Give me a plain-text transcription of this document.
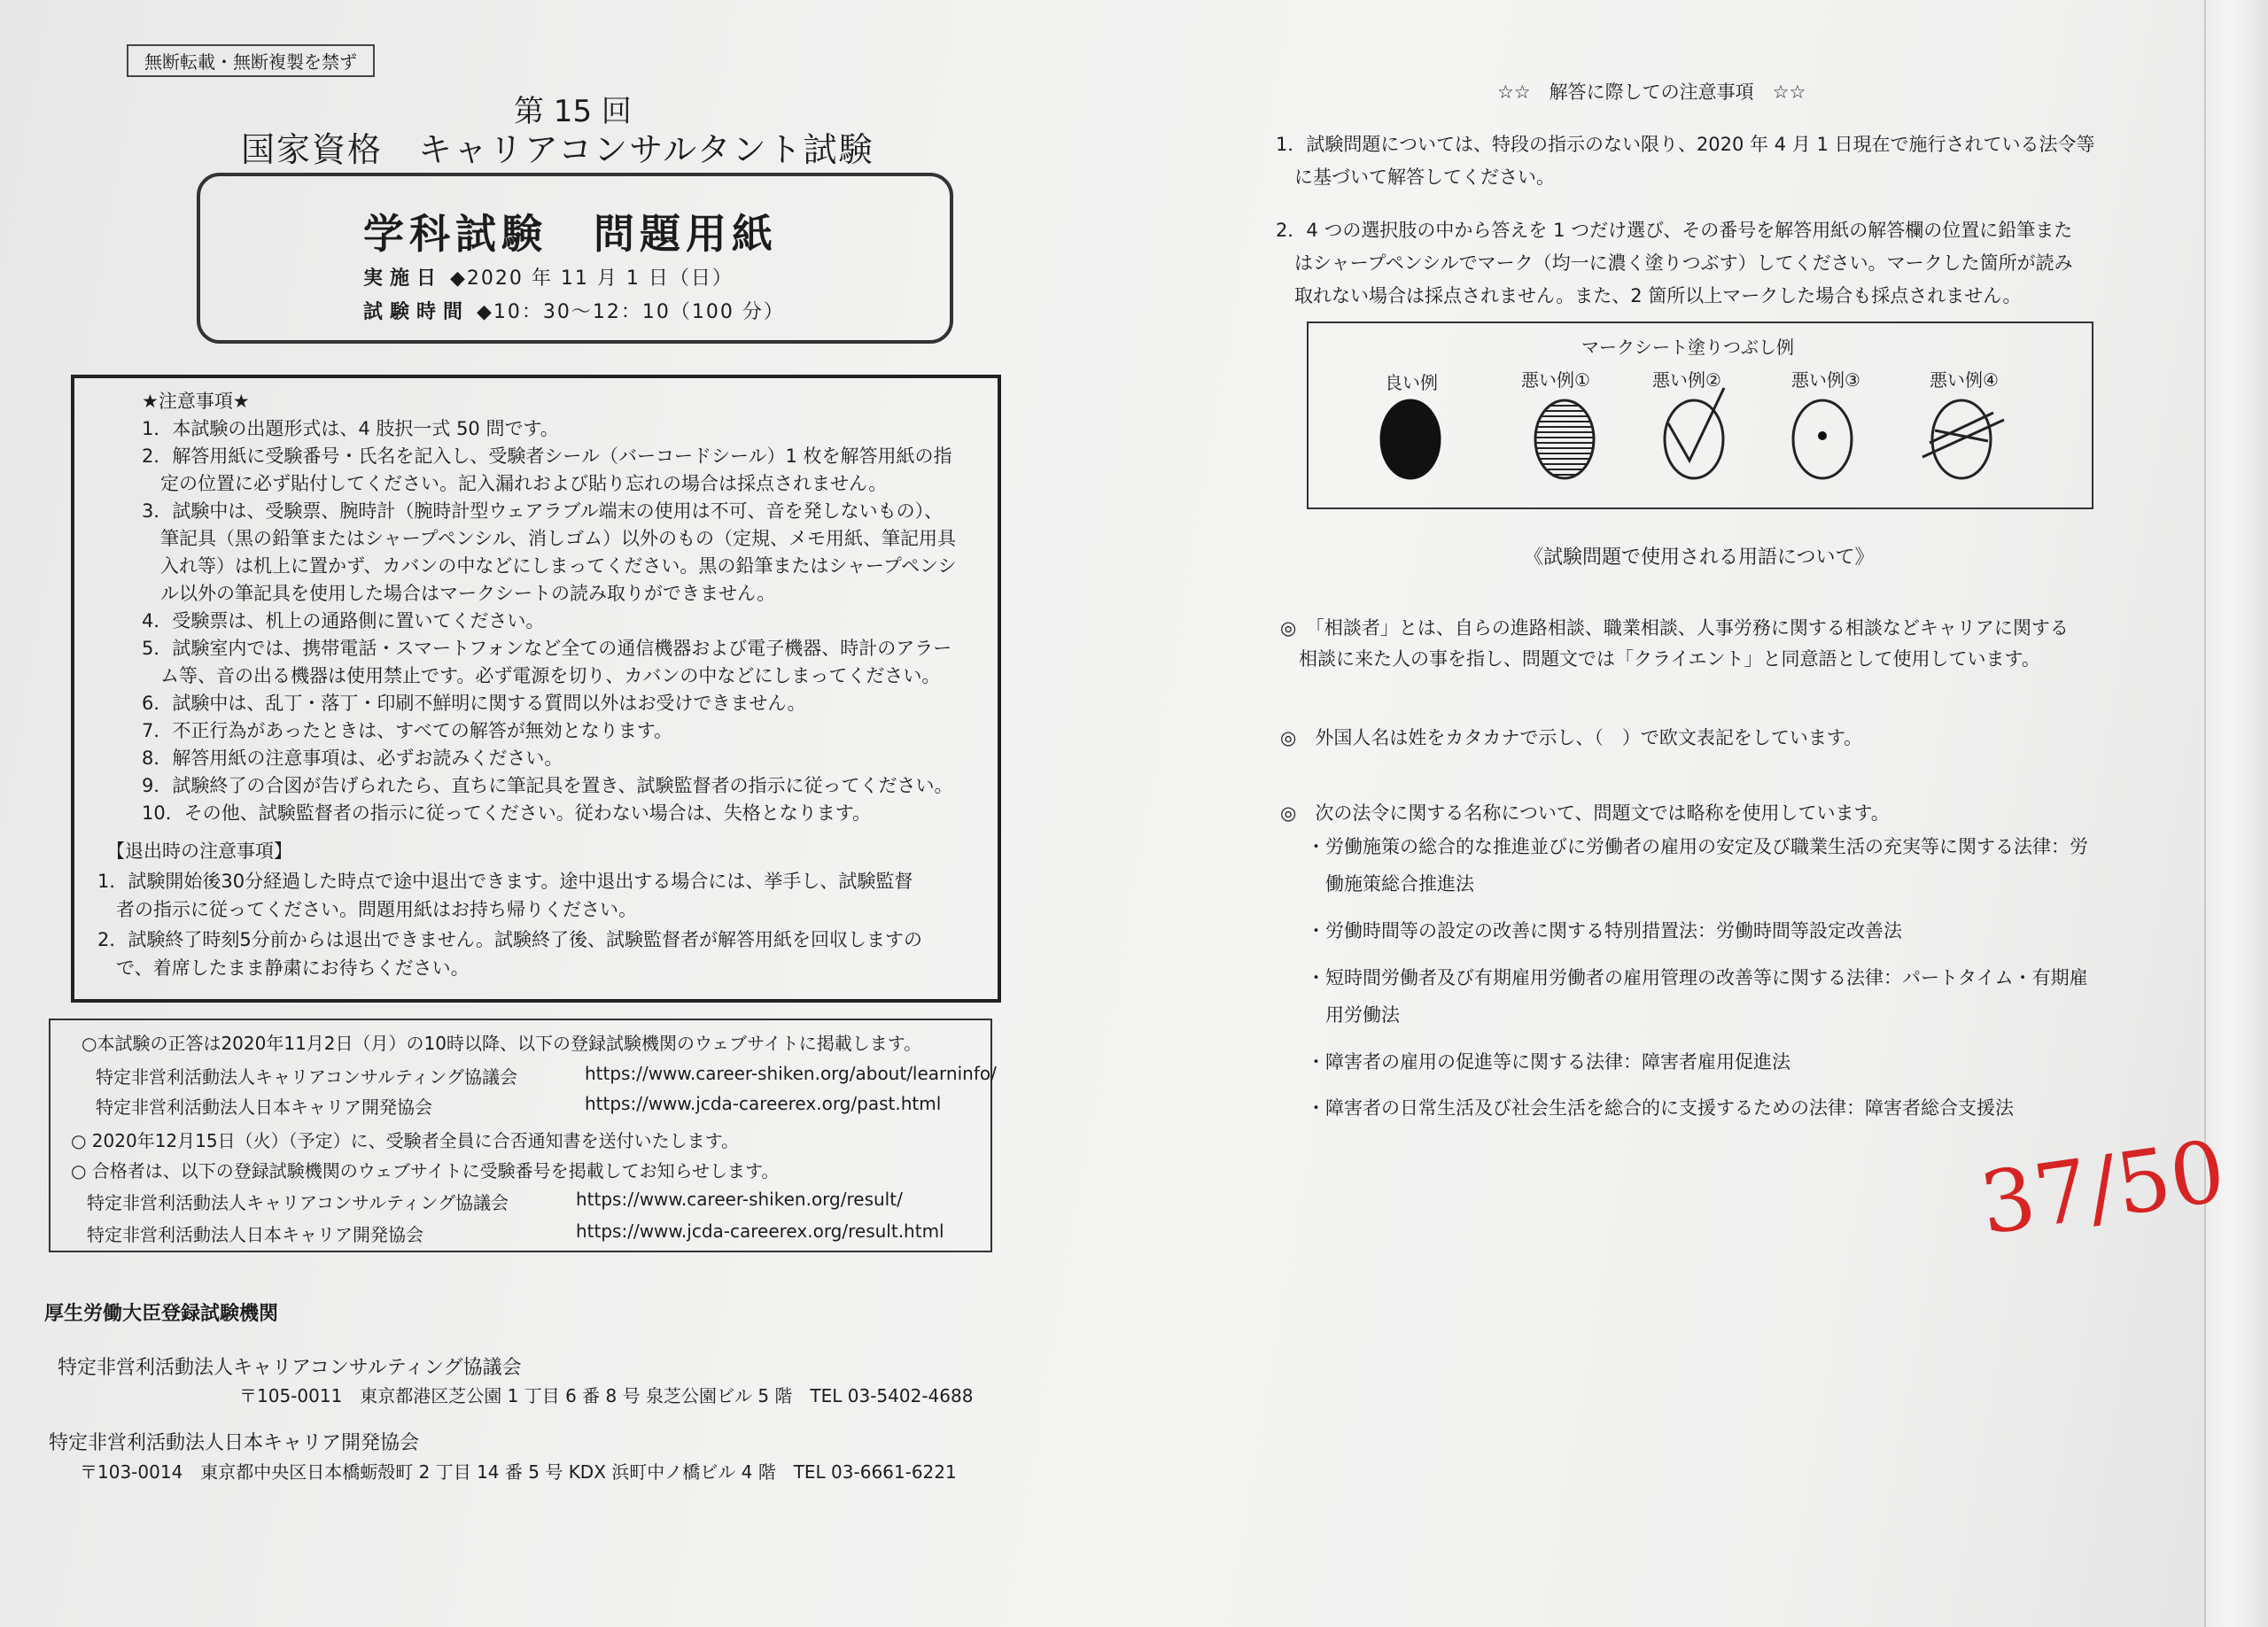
無断転載・無断複製を禁ず
第 15 回
国家資格　キャリアコンサルタント試験
学科試験　問題用紙
実施日 ◆2020 年 11 月 1 日（日）
試験時間 ◆10：30～12：10（100 分）
★注意事項★
1．本試験の出題形式は、4 肢択一式 50 問です。
2．解答用紙に受験番号・氏名を記入し、受験者シール（バーコードシール）1 枚を解答用紙の指
　定の位置に必ず貼付してください。記入漏れおよび貼り忘れの場合は採点されません。
3．試験中は、受験票、腕時計（腕時計型ウェアラブル端末の使用は不可、音を発しないもの）、
　筆記具（黒の鉛筆またはシャープペンシル、消しゴム）以外のもの（定規、メモ用紙、筆記用具
　入れ等）は机上に置かず、カバンの中などにしまってください。黒の鉛筆またはシャープペンシ
　ル以外の筆記具を使用した場合はマークシートの読み取りができません。
4．受験票は、机上の通路側に置いてください。
5．試験室内では、携帯電話・スマートフォンなど全ての通信機器および電子機器、時計のアラー
　ム等、音の出る機器は使用禁止です。必ず電源を切り、カバンの中などにしまってください。
6．試験中は、乱丁・落丁・印刷不鮮明に関する質問以外はお受けできません。
7．不正行為があったときは、すべての解答が無効となります。
8．解答用紙の注意事項は、必ずお読みください。
9．試験終了の合図が告げられたら、直ちに筆記具を置き、試験監督者の指示に従ってください。
10．その他、試験監督者の指示に従ってください。従わない場合は、失格となります。
【退出時の注意事項】
1．試験開始後30分経過した時点で途中退出できます。途中退出する場合には、挙手し、試験監督
　者の指示に従ってください。問題用紙はお持ち帰りください。
2．試験終了時刻5分前からは退出できません。試験終了後、試験監督者が解答用紙を回収しますの
　で、着席したまま静粛にお待ちください。
○本試験の正答は2020年11月2日（月）の10時以降、以下の登録試験機関のウェブサイトに掲載します。
特定非営利活動法人キャリアコンサルティング協議会	https://www.career-shiken.org/about/learninfo/
特定非営利活動法人日本キャリア開発協会	https://www.jcda-careerex.org/past.html
○ 2020年12月15日（火）（予定）に、受験者全員に合否通知書を送付いたします。
○ 合格者は、以下の登録試験機関のウェブサイトに受験番号を掲載してお知らせします。
特定非営利活動法人キャリアコンサルティング協議会	https://www.career-shiken.org/result/
特定非営利活動法人日本キャリア開発協会	https://www.jcda-careerex.org/result.html
厚生労働大臣登録試験機関
特定非営利活動法人キャリアコンサルティング協議会
〒105-0011　東京都港区芝公園 1 丁目 6 番 8 号 泉芝公園ビル 5 階　TEL 03-5402-4688
特定非営利活動法人日本キャリア開発協会
〒103-0014　東京都中央区日本橋蛎殻町 2 丁目 14 番 5 号 KDX 浜町中ノ橋ビル 4 階　TEL 03-6661-6221
☆☆　解答に際しての注意事項　☆☆
1．試験問題については、特段の指示のない限り、2020 年 4 月 1 日現在で施行されている法令等
　に基づいて解答してください。
2．4 つの選択肢の中から答えを 1 つだけ選び、その番号を解答用紙の解答欄の位置に鉛筆また
　はシャープペンシルでマーク（均一に濃く塗りつぶす）してください。マークした箇所が読み
　取れない場合は採点されません。また、2 箇所以上マークした場合も採点されません。
マークシート塗りつぶし例
良い例	悪い例①	悪い例②	悪い例③	悪い例④
《試験問題で使用される用語について》
◎　「相談者」とは、自らの進路相談、職業相談、人事労務に関する相談などキャリアに関する
　相談に来た人の事を指し、問題文では「クライエント」と同意語として使用しています。
◎　外国人名は姓をカタカナで示し、（　）で欧文表記をしています。
◎　次の法令に関する名称について、問題文では略称を使用しています。
・労働施策の総合的な推進並びに労働者の雇用の安定及び職業生活の充実等に関する法律：労
　働施策総合推進法
・労働時間等の設定の改善に関する特別措置法：労働時間等設定改善法
・短時間労働者及び有期雇用労働者の雇用管理の改善等に関する法律：パートタイム・有期雇
　用労働法
・障害者の雇用の促進等に関する法律：障害者雇用促進法
・障害者の日常生活及び社会生活を総合的に支援するための法律：障害者総合支援法
37/50
